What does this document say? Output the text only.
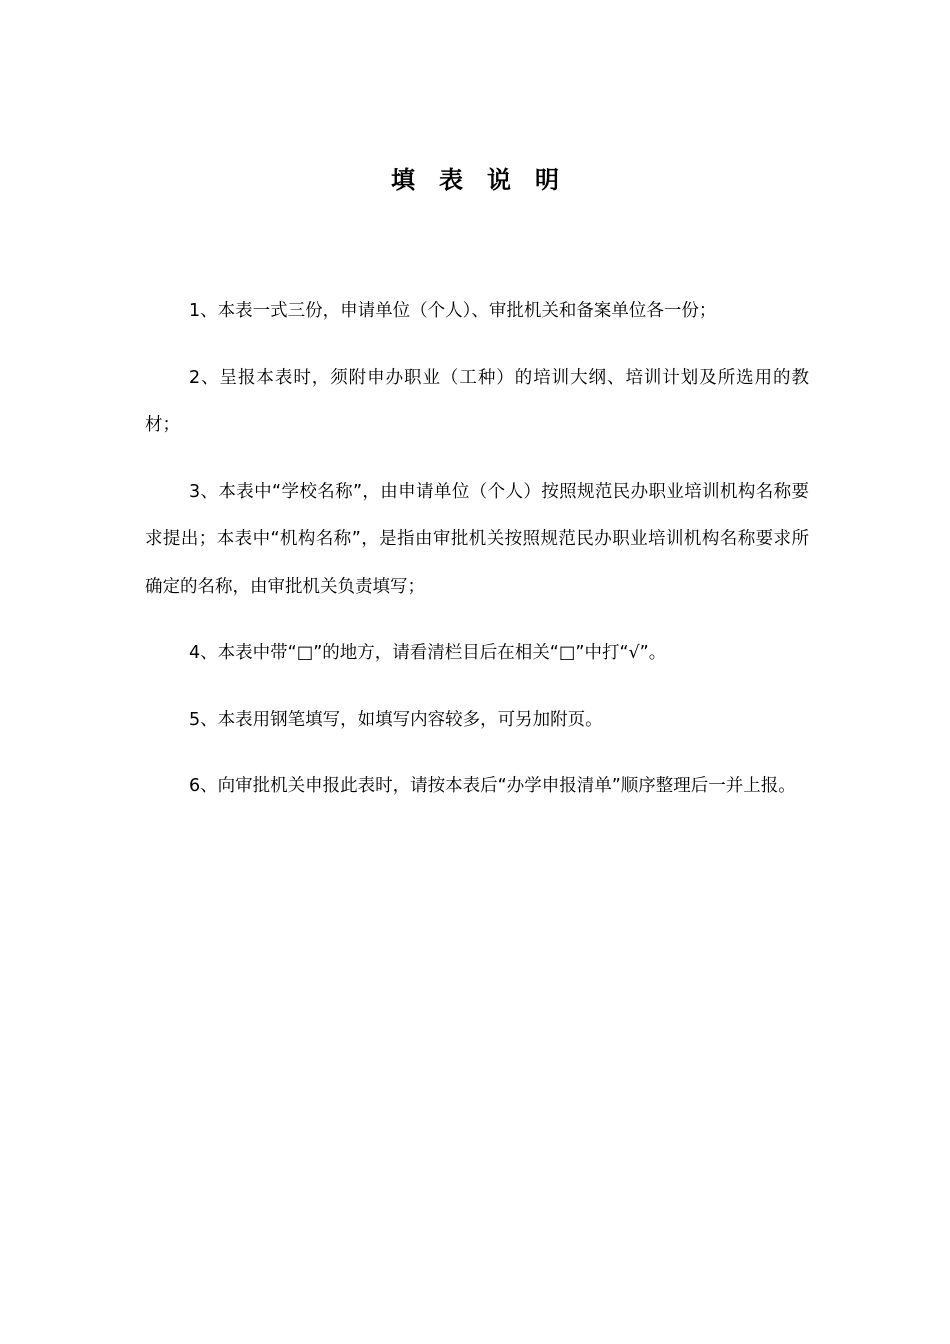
填表说明

1、本表一式三份，申请单位（个人）、审批机关和备案单位各一份；

2、呈报本表时，须附申办职业（工种）的培训大纲、培训计划及所选用的教材；

3、本表中“学校名称”，由申请单位（个人）按照规范民办职业培训机构名称要求提出；本表中“机构名称”，是指由审批机关按照规范民办职业培训机构名称要求所确定的名称，由审批机关负责填写；

4、本表中带“□”的地方，请看清栏目后在相关“□”中打“√”。

5、本表用钢笔填写，如填写内容较多，可另加附页。

6、向审批机关申报此表时，请按本表后“办学申报清单”顺序整理后一并上报。
